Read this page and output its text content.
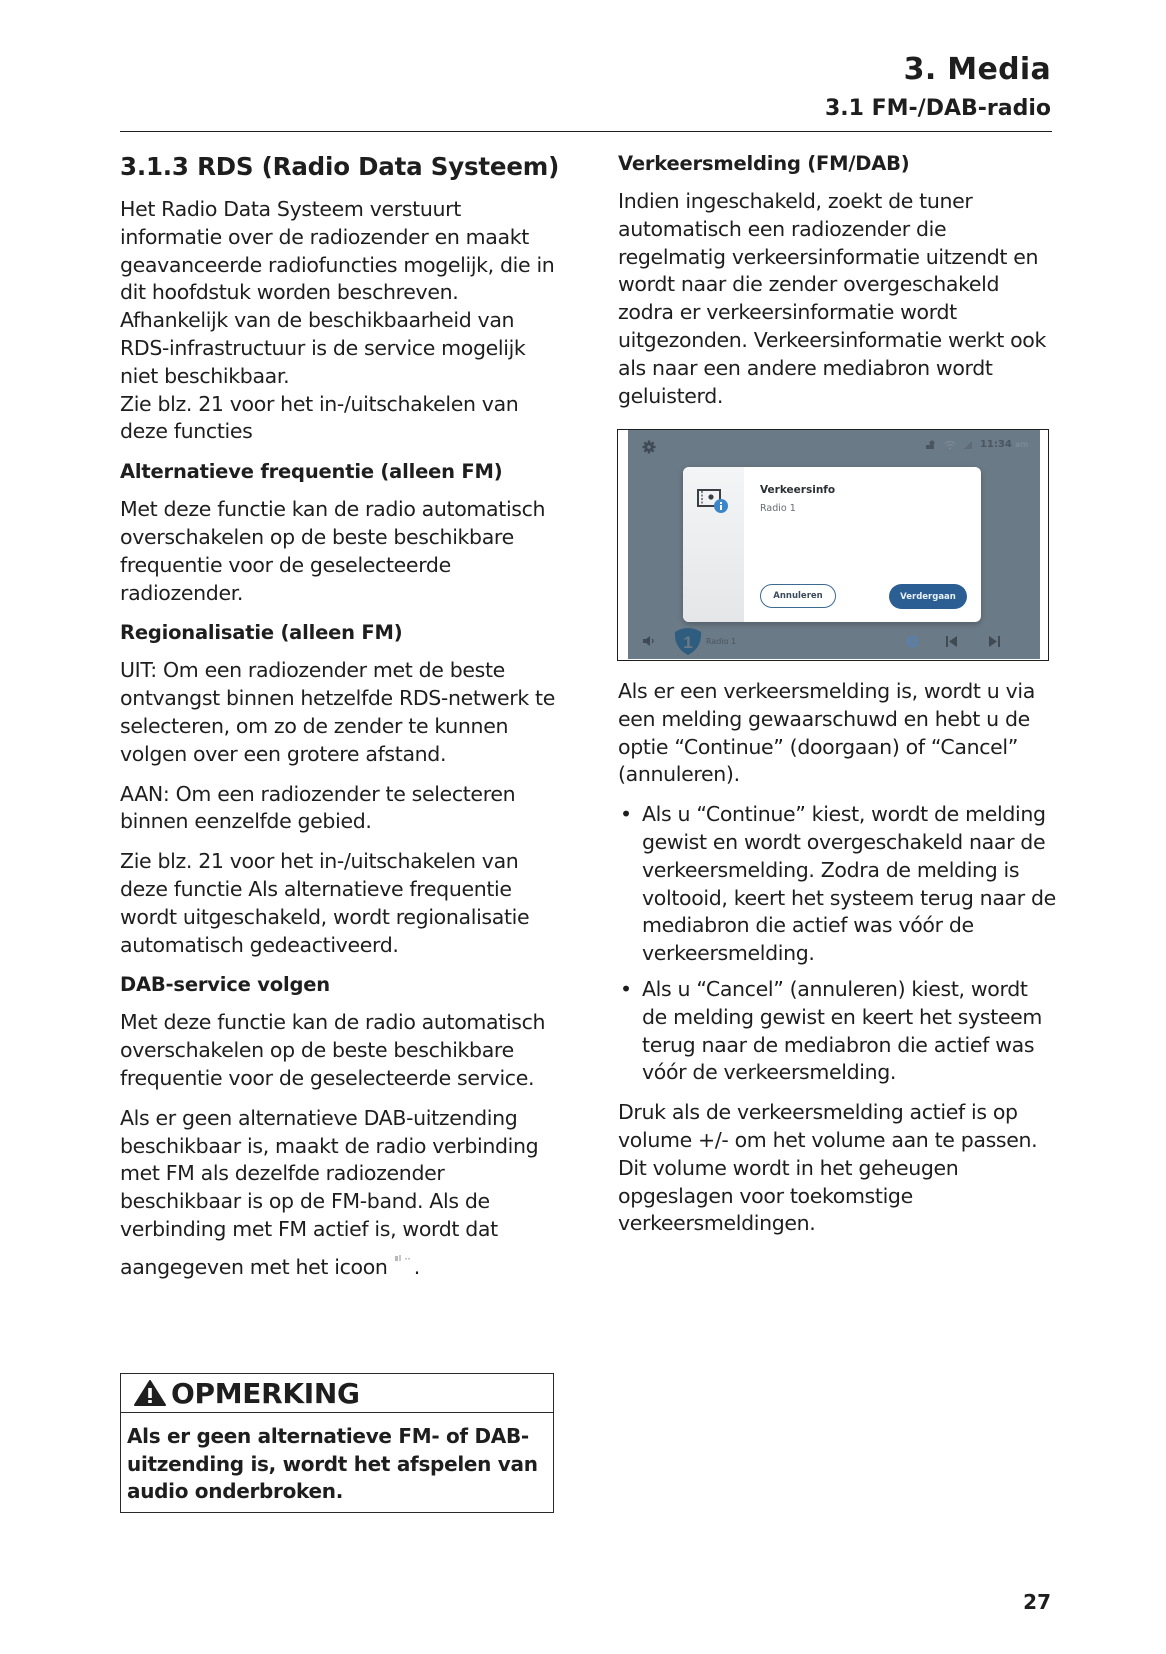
3. Media
3.1 FM-/DAB-radio
3.1.3 RDS (Radio Data Systeem)

Het Radio Data Systeem verstuurt informatie over de radiozender en maakt geavanceerde radiofuncties mogelijk, die in dit hoofdstuk worden beschreven. Afhankelijk van de beschikbaarheid van RDS-infrastructuur is de service mogelijk niet beschikbaar.

Zie blz. 21 voor het in-/uitschakelen van deze functies

Alternatieve frequentie (alleen FM)

Met deze functie kan de radio automatisch overschakelen op de beste beschikbare frequentie voor de geselecteerde radiozender.

Regionalisatie (alleen FM)

UIT: Om een radiozender met de beste ontvangst binnen hetzelfde RDS-netwerk te selecteren, om zo de zender te kunnen volgen over een grotere afstand.

AAN: Om een radiozender te selecteren binnen eenzelfde gebied.

Zie blz. 21 voor het in-/uitschakelen van deze functie Als alternatieve frequentie wordt uitgeschakeld, wordt regionalisatie automatisch gedeactiveerd.

DAB-service volgen

Met deze functie kan de radio automatisch overschakelen op de beste beschikbare frequentie voor de geselecteerde service.

Als er geen alternatieve DAB-uitzending beschikbaar is, maakt de radio verbinding met FM als dezelfde radiozender beschikbaar is op de FM-band. Als de verbinding met FM actief is, wordt dat aangegeven met het icoon .

OPMERKING
Als er geen alternatieve FM- of DAB-uitzending is, wordt het afspelen van audio onderbroken.
Verkeersmelding (FM/DAB)

Indien ingeschakeld, zoekt de tuner automatisch een radiozender die regelmatig verkeersinformatie uitzendt en wordt naar die zender overgeschakeld zodra er verkeersinformatie wordt uitgezonden. Verkeersinformatie werkt ook als naar een andere mediabron wordt geluisterd.

11:34 am
Verkeersinfo
Radio 1
Annuleren	Verdergaan
1 Radio 1

Als er een verkeersmelding is, wordt u via een melding gewaarschuwd en hebt u de optie “Continue” (doorgaan) of “Cancel” (annuleren).

• Als u “Continue” kiest, wordt de melding gewist en wordt overgeschakeld naar de verkeersmelding. Zodra de melding is voltooid, keert het systeem terug naar de mediabron die actief was vóór de verkeersmelding.
• Als u “Cancel” (annuleren) kiest, wordt de melding gewist en keert het systeem terug naar de mediabron die actief was vóór de verkeersmelding.

Druk als de verkeersmelding actief is op volume +/- om het volume aan te passen. Dit volume wordt in het geheugen opgeslagen voor toekomstige verkeersmeldingen.

27
